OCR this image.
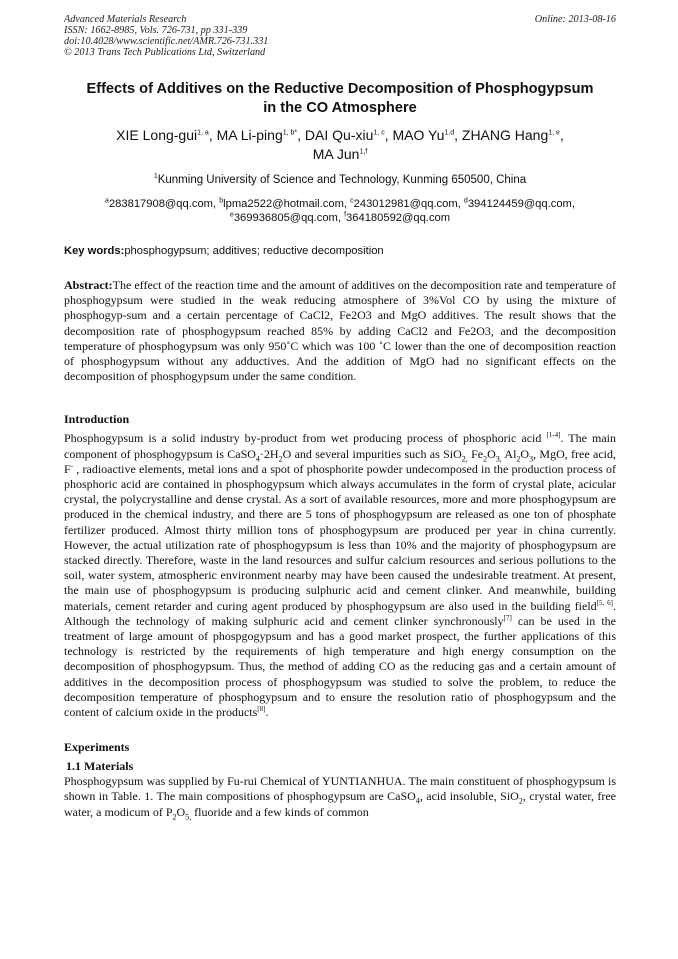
Advanced Materials Research	Online: 2013-08-16
ISSN: 1662-8985, Vols. 726-731, pp 331-339
doi:10.4028/www.scientific.net/AMR.726-731.331
© 2013 Trans Tech Publications Ltd, Switzerland
Effects of Additives on the Reductive Decomposition of Phosphogypsum
in the CO Atmosphere
XIE Long-gui$^{1, a}$, MA Li-ping$^{1, b*}$, DAI Qu-xiu$^{1, c}$, MAO Yu$^{1,d}$, ZHANG Hang$^{1, e}$,
MA Jun$^{1,f}$
$^1$Kunming University of Science and Technology, Kunming 650500, China
$^a$283817908@qq.com, $^b$lpma2522@hotmail.com, $^c$243012981@qq.com, $^d$394124459@qq.com,
$^e$369936805@qq.com, $^f$364180592@qq.com
Key words:phosphogypsum; additives; reductive decomposition
Abstract:The effect of the reaction time and the amount of additives on the decomposition rate and temperature of phosphogypsum were studied in the weak reducing atmosphere of 3%Vol CO by using the mixture of phosphogyp-sum and a certain percentage of CaCl2, Fe2O3 and MgO additives. The result shows that the decomposition rate of phosphogypsum reached 85% by adding CaCl2 and Fe2O3, and the decomposition temperature of phosphogypsum was only 950˚C which was 100 ˚C lower than the one of decomposition reaction of phosphogypsum without any adductives. And the addition of MgO had no significant effects on the decomposition of phosphogypsum under the same condition.
Introduction
Phosphogypsum is a solid industry by-product from wet producing process of phosphoric acid [1-4]. The main component of phosphogypsum is $CaSO_4\cdot 2H_2O$ and several impurities such as SiO$_{2,}$ $Fe_2O_{3,}$ $Al_2O_3$, MgO, free acid, F- , radioactive elements, metal ions and a spot of phosphorite powder undecomposed in the production process of phosphoric acid are contained in phosphogypsum which always accumulates in the form of crystal plate, acicular crystal, the polycrystalline and dense crystal. As a sort of available resources, more and more phosphogypsum are produced in the chemical industry, and there are 5 tons of phosphogypsum are released as one ton of phosphate fertilizer produced. Almost thirty million tons of phosphogypsum are produced per year in china currently. However, the actual utilization rate of phosphogypsum is less than 10% and the majority of phosphogypsum are stacked directly. Therefore, waste in the land resources and sulfur calcium resources and serious pollutions to the soil, water system, atmospheric environment nearby may have been caused the undesirable treatment. At present, the main use of phosphogypsum is producing sulphuric acid and cement clinker. And meanwhile, building materials, cement retarder and curing agent produced by phosphogypsum are also used in the building field[5, 6]. Although the technology of making sulphuric acid and cement clinker synchronously[7] can be used in the treatment of large amount of phospgogypsum and has a good market prospect, the further applications of this technology is restricted by the requirements of high temperature and high energy consumption on the decomposition of phosphogypsum. Thus, the method of adding CO as the reducing gas and a certain amount of additives in the decomposition process of phosphogypsum was studied to solve the problem, to reduce the decomposition temperature of phosphogypsum and to ensure the resolution ratio of phosphogypsum and the content of calcium oxide in the products[8].
Experiments
1.1 Materials
Phosphogypsum was supplied by Fu-rui Chemical of YUNTIANHUA. The main constituent of phosphogypsum is shown in Table. 1. The main compositions of phosphogypsum are CaSO$_4$, acid insoluble, SiO$_2$, crystal water, free water, a modicum of $P_2O_{5,}$ fluoride and a few kinds of common
